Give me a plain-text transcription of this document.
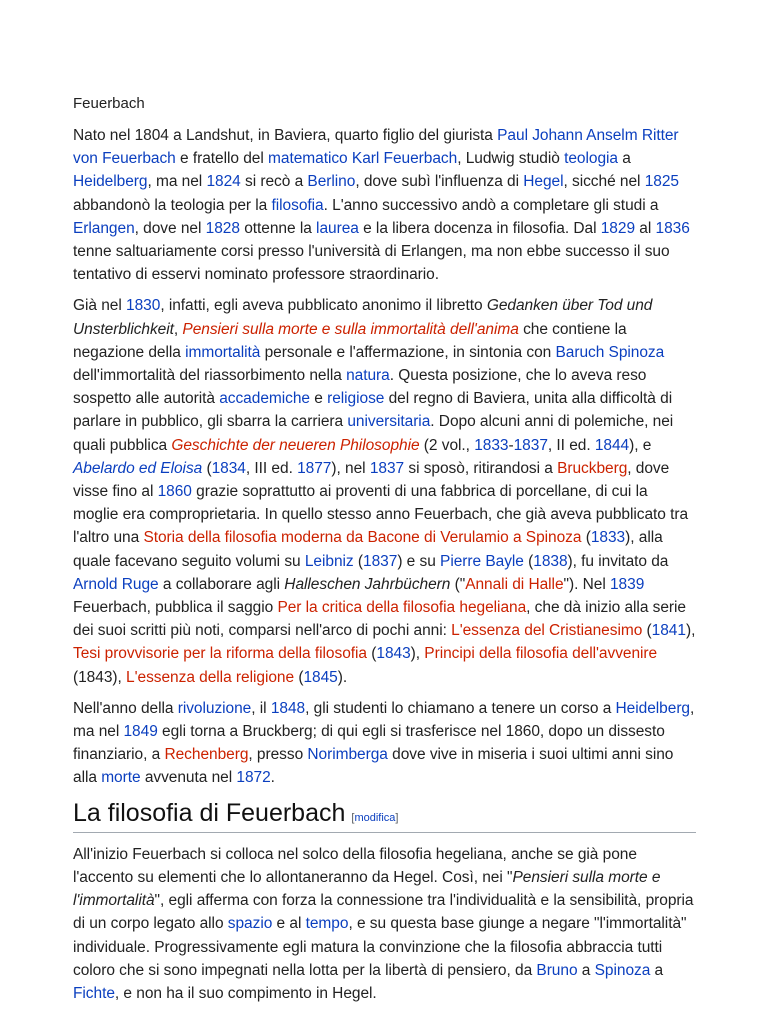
Feuerbach

Nato nel 1804 a Landshut, in Baviera, quarto figlio del giurista Paul Johann Anselm Ritter von Feuerbach e fratello del matematico Karl Feuerbach, Ludwig studiò teologia a Heidelberg, ma nel 1824 si recò a Berlino, dove subì l'influenza di Hegel, sicché nel 1825 abbandonò la teologia per la filosofia. L'anno successivo andò a completare gli studi a Erlangen, dove nel 1828 ottenne la laurea e la libera docenza in filosofia. Dal 1829 al 1836 tenne saltuariamente corsi presso l'università di Erlangen, ma non ebbe successo il suo tentativo di esservi nominato professore straordinario.

Già nel 1830, infatti, egli aveva pubblicato anonimo il libretto Gedanken über Tod und Unsterblichkeit, Pensieri sulla morte e sulla immortalità dell'anima che contiene la negazione della immortalità personale e l'affermazione, in sintonia con Baruch Spinoza dell'immortalità del riassorbimento nella natura. Questa posizione, che lo aveva reso sospetto alle autorità accademiche e religiose del regno di Baviera, unita alla difficoltà di parlare in pubblico, gli sbarra la carriera universitaria. Dopo alcuni anni di polemiche, nei quali pubblica Geschichte der neueren Philosophie (2 vol., 1833-1837, II ed. 1844), e Abelardo ed Eloisa (1834, III ed. 1877), nel 1837 si sposò, ritirandosi a Bruckberg, dove visse fino al 1860 grazie soprattutto ai proventi di una fabbrica di porcellane, di cui la moglie era comproprietaria. In quello stesso anno Feuerbach, che già aveva pubblicato tra l'altro una Storia della filosofia moderna da Bacone di Verulamio a Spinoza (1833), alla quale facevano seguito volumi su Leibniz (1837) e su Pierre Bayle (1838), fu invitato da Arnold Ruge a collaborare agli Halleschen Jahrbüchern ("Annali di Halle"). Nel 1839 Feuerbach, pubblica il saggio Per la critica della filosofia hegeliana, che dà inizio alla serie dei suoi scritti più noti, comparsi nell'arco di pochi anni: L'essenza del Cristianesimo (1841), Tesi provvisorie per la riforma della filosofia (1843), Principi della filosofia dell'avvenire (1843), L'essenza della religione (1845).

Nell'anno della rivoluzione, il 1848, gli studenti lo chiamano a tenere un corso a Heidelberg, ma nel 1849 egli torna a Bruckberg; di qui egli si trasferisce nel 1860, dopo un dissesto finanziario, a Rechenberg, presso Norimberga dove vive in miseria i suoi ultimi anni sino alla morte avvenuta nel 1872.

La filosofia di Feuerbach [modifica]

All'inizio Feuerbach si colloca nel solco della filosofia hegeliana, anche se già pone l'accento su elementi che lo allontaneranno da Hegel. Così, nei "Pensieri sulla morte e l'immortalità", egli afferma con forza la connessione tra l'individualità e la sensibilità, propria di un corpo legato allo spazio e al tempo, e su questa base giunge a negare "l'immortalità" individuale. Progressivamente egli matura la convinzione che la filosofia abbraccia tutti coloro che si sono impegnati nella lotta per la libertà di pensiero, da Bruno a Spinoza a Fichte, e non ha il suo compimento in Hegel.
